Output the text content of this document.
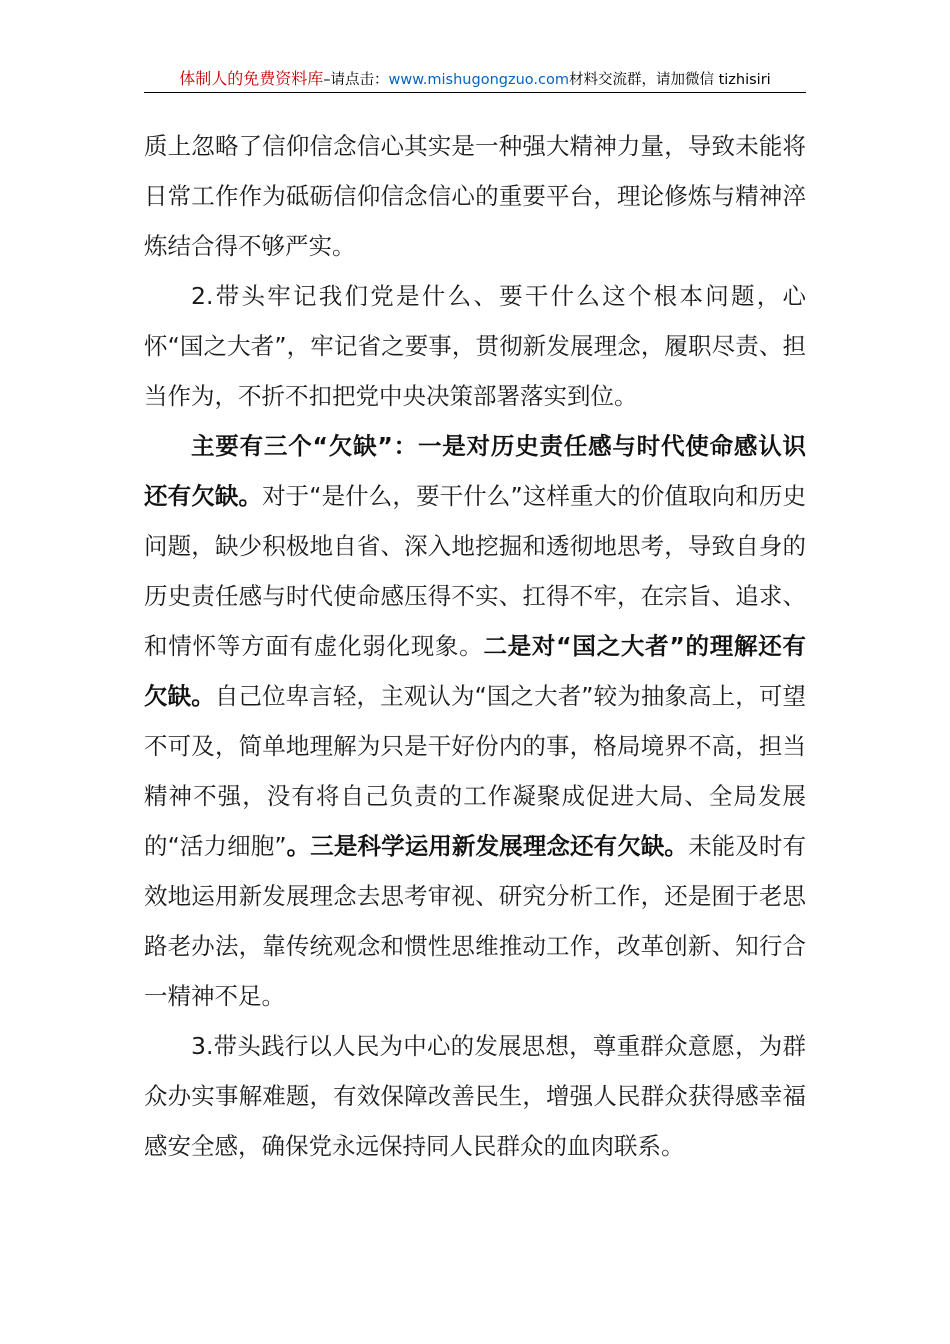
体制人的免费资料库–请点击：www.mishugongzuo.com材料交流群，请加微信 tizhisiri

质上忽略了信仰信念信心其实是一种强大精神力量，导致未能将日常工作作为砥砺信仰信念信心的重要平台，理论修炼与精神淬炼结合得不够严实。

2.带头牢记我们党是什么、要干什么这个根本问题，心怀“国之大者”，牢记省之要事，贯彻新发展理念，履职尽责、担当作为，不折不扣把党中央决策部署落实到位。

主要有三个“欠缺”：一是对历史责任感与时代使命感认识还有欠缺。对于“是什么，要干什么”这样重大的价值取向和历史问题，缺少积极地自省、深入地挖掘和透彻地思考，导致自身的历史责任感与时代使命感压得不实、扛得不牢，在宗旨、追求、和情怀等方面有虚化弱化现象。二是对“国之大者”的理解还有欠缺。自己位卑言轻，主观认为“国之大者”较为抽象高上，可望不可及，简单地理解为只是干好份内的事，格局境界不高，担当精神不强，没有将自己负责的工作凝聚成促进大局、全局发展的“活力细胞”。三是科学运用新发展理念还有欠缺。未能及时有效地运用新发展理念去思考审视、研究分析工作，还是囿于老思路老办法，靠传统观念和惯性思维推动工作，改革创新、知行合一精神不足。

3.带头践行以人民为中心的发展思想，尊重群众意愿，为群众办实事解难题，有效保障改善民生，增强人民群众获得感幸福感安全感，确保党永远保持同人民群众的血肉联系。
